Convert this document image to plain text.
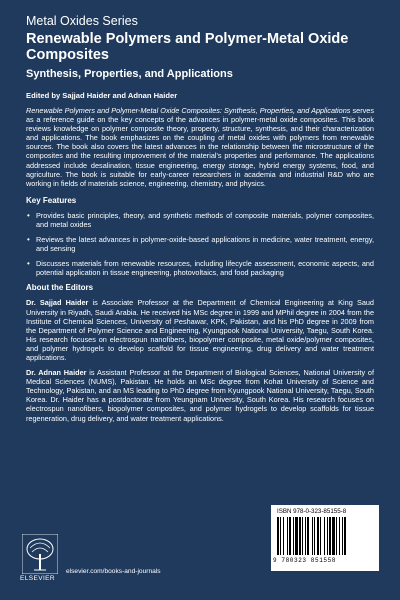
Metal Oxides Series
Renewable Polymers and Polymer-Metal Oxide Composites
Synthesis, Properties, and Applications
Edited by Sajjad Haider and Adnan Haider

Renewable Polymers and Polymer-Metal Oxide Composites: Synthesis, Properties, and Applications serves as a reference guide on the key concepts of the advances in polymer-metal oxide composites. This book reviews knowledge on polymer composite theory, property, structure, synthesis, and their characterization and applications. The book emphasizes on the coupling of metal oxides with polymers from renewable sources. The book also covers the latest advances in the relationship between the microstructure of the composites and the resulting improvement of the material's properties and performance. The applications addressed include desalination, tissue engineering, energy storage, hybrid energy systems, food, and agriculture. The book is suitable for early-career researchers in academia and industrial R&D who are working in fields of materials science, engineering, chemistry, and physics.

Key Features
• Provides basic principles, theory, and synthetic methods of composite materials, polymer composites, and metal oxides
• Reviews the latest advances in polymer-oxide-based applications in medicine, water treatment, energy, and sensing
• Discusses materials from renewable resources, including lifecycle assessment, economic aspects, and potential application in tissue engineering, photovoltaics, and food packaging
About the Editors

Dr. Sajjad Haider is Associate Professor at the Department of Chemical Engineering at King Saud University in Riyadh, Saudi Arabia. He received his MSc degree in 1999 and MPhil degree in 2004 from the Institute of Chemical Sciences, University of Peshawar, KPK, Pakistan, and his PhD degree in 2009 from the Department of Polymer Science and Engineering, Kyungpook National University, Taegu, South Korea. His research focuses on electrospun nanofibers, biopolymer composite, metal oxide/polymer composites, and polymer hydrogels to develop scaffold for tissue engineering, drug delivery and water treatment applications.

Dr. Adnan Haider is Assistant Professor at the Department of Biological Sciences, National University of Medical Sciences (NUMS), Pakistan. He holds an MSc degree from Kohat University of Science and Technology, Pakistan, and an MS leading to PhD degree from Kyungpook National University, Taegu, South Korea. Dr. Haider has a postdoctorate from Yeungnam University, South Korea. His research focuses on electrospun nanofibers, biopolymer composites, and polymer hydrogels to develop scaffolds for tissue regeneration, drug delivery, and water treatment applications.

ELSEVIER
elsevier.com/books-and-journals
ISBN 978-0-323-85155-8
9 780323 851558
